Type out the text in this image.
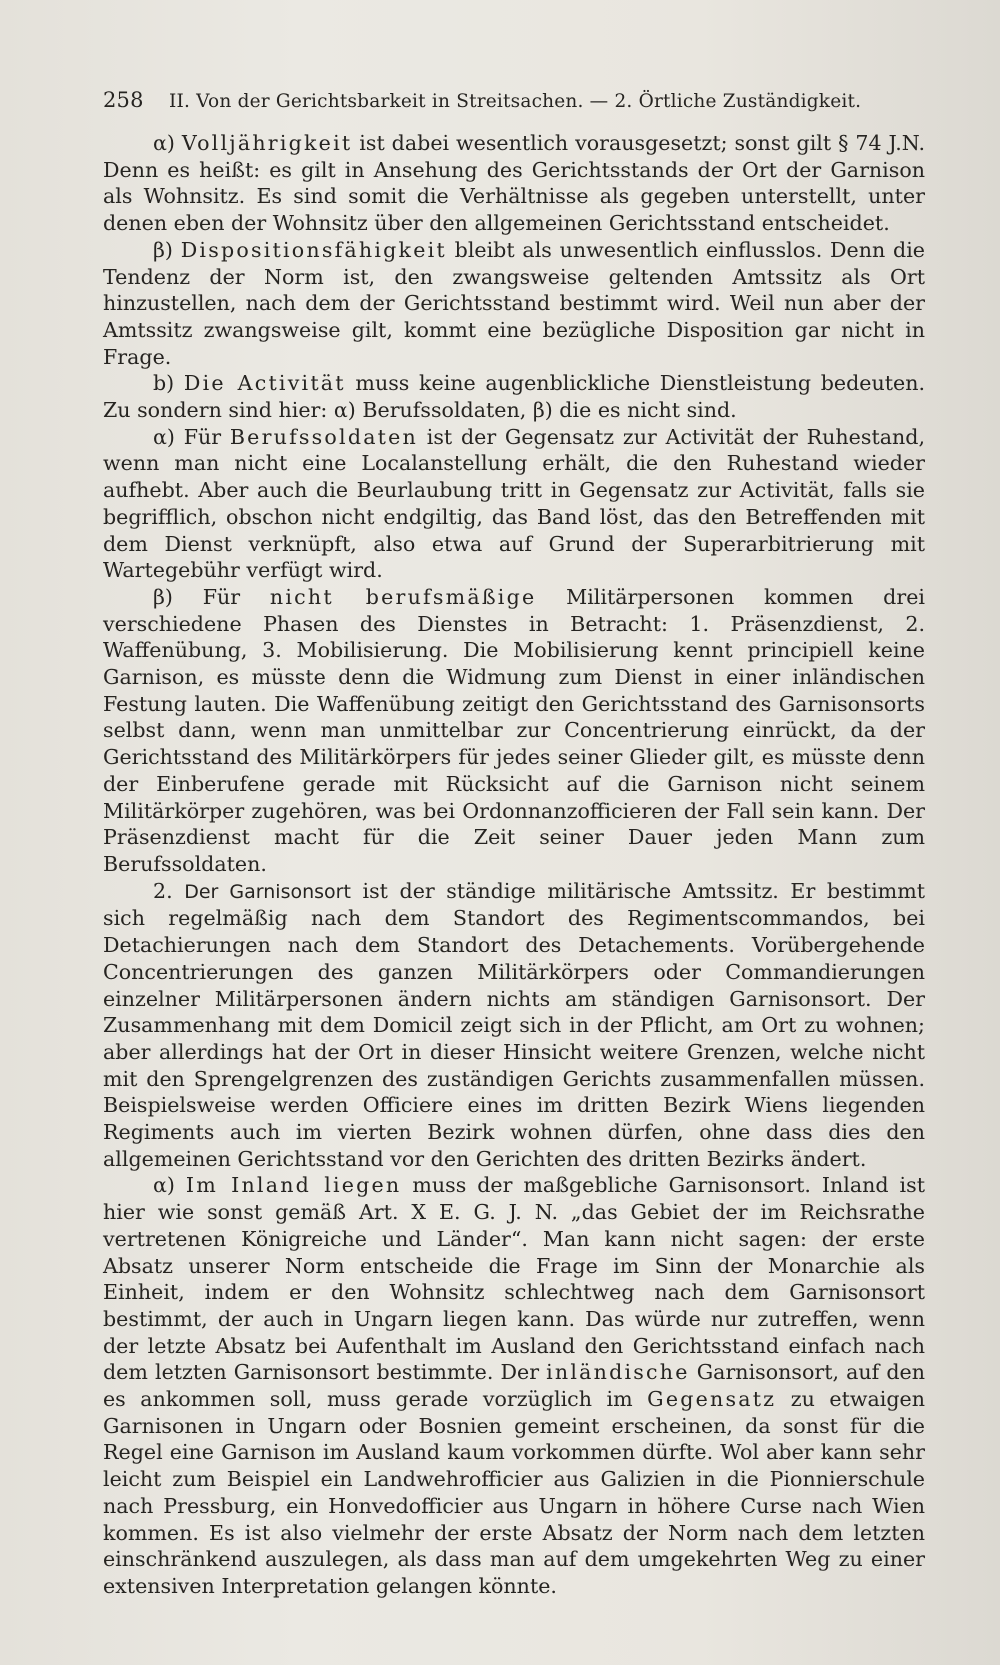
258 II. Von der Gerichtsbarkeit in Streitsachen. — 2. Örtliche Zuständigkeit.

α) Volljährigkeit ist dabei wesentlich vorausgesetzt; sonst gilt § 74 J.N. Denn es heißt: es gilt in Ansehung des Gerichtsstands der Ort der Garnison als Wohnsitz. Es sind somit die Verhältnisse als gegeben unterstellt, unter denen eben der Wohnsitz über den allgemeinen Gerichtsstand entscheidet.

β) Dispositionsfähigkeit bleibt als unwesentlich einflusslos. Denn die Tendenz der Norm ist, den zwangsweise geltenden Amtssitz als Ort hinzustellen, nach dem der Gerichtsstand bestimmt wird. Weil nun aber der Amtssitz zwangsweise gilt, kommt eine bezügliche Disposition gar nicht in Frage.

b) Die Activität muss keine augenblickliche Dienstleistung bedeuten. Zu sondern sind hier: α) Berufssoldaten, β) die es nicht sind.

α) Für Berufssoldaten ist der Gegensatz zur Activität der Ruhestand, wenn man nicht eine Localanstellung erhält, die den Ruhestand wieder aufhebt. Aber auch die Beurlaubung tritt in Gegensatz zur Activität, falls sie begrifflich, obschon nicht endgiltig, das Band löst, das den Betreffenden mit dem Dienst verknüpft, also etwa auf Grund der Superarbitrierung mit Wartegebühr verfügt wird.

β) Für nicht berufsmäßige Militärpersonen kommen drei verschiedene Phasen des Dienstes in Betracht: 1. Präsenzdienst, 2. Waffenübung, 3. Mobilisierung. Die Mobilisierung kennt principiell keine Garnison, es müsste denn die Widmung zum Dienst in einer inländischen Festung lauten. Die Waffenübung zeitigt den Gerichtsstand des Garnisonsorts selbst dann, wenn man unmittelbar zur Concentrierung einrückt, da der Gerichtsstand des Militärkörpers für jedes seiner Glieder gilt, es müsste denn der Einberufene gerade mit Rücksicht auf die Garnison nicht seinem Militärkörper zugehören, was bei Ordonnanzofficieren der Fall sein kann. Der Präsenzdienst macht für die Zeit seiner Dauer jeden Mann zum Berufssoldaten.

2. Der Garnisonsort ist der ständige militärische Amtssitz. Er bestimmt sich regelmäßig nach dem Standort des Regimentscommandos, bei Detachierungen nach dem Standort des Detachements. Vorübergehende Concentrierungen des ganzen Militärkörpers oder Commandierungen einzelner Militärpersonen ändern nichts am ständigen Garnisonsort. Der Zusammenhang mit dem Domicil zeigt sich in der Pflicht, am Ort zu wohnen; aber allerdings hat der Ort in dieser Hinsicht weitere Grenzen, welche nicht mit den Sprengelgrenzen des zuständigen Gerichts zusammenfallen müssen. Beispielsweise werden Officiere eines im dritten Bezirk Wiens liegenden Regiments auch im vierten Bezirk wohnen dürfen, ohne dass dies den allgemeinen Gerichtsstand vor den Gerichten des dritten Bezirks ändert.

α) Im Inland liegen muss der maßgebliche Garnisonsort. Inland ist hier wie sonst gemäß Art. X E. G. J. N. „das Gebiet der im Reichsrathe vertretenen Königreiche und Länder“. Man kann nicht sagen: der erste Absatz unserer Norm entscheide die Frage im Sinn der Monarchie als Einheit, indem er den Wohnsitz schlechtweg nach dem Garnisonsort bestimmt, der auch in Ungarn liegen kann. Das würde nur zutreffen, wenn der letzte Absatz bei Aufenthalt im Ausland den Gerichtsstand einfach nach dem letzten Garnisonsort bestimmte. Der inländische Garnisonsort, auf den es ankommen soll, muss gerade vorzüglich im Gegensatz zu etwaigen Garnisonen in Ungarn oder Bosnien gemeint erscheinen, da sonst für die Regel eine Garnison im Ausland kaum vorkommen dürfte. Wol aber kann sehr leicht zum Beispiel ein Landwehrofficier aus Galizien in die Pionnierschule nach Pressburg, ein Honvedofficier aus Ungarn in höhere Curse nach Wien kommen. Es ist also vielmehr der erste Absatz der Norm nach dem letzten einschränkend auszulegen, als dass man auf dem umgekehrten Weg zu einer extensiven Interpretation gelangen könnte.
